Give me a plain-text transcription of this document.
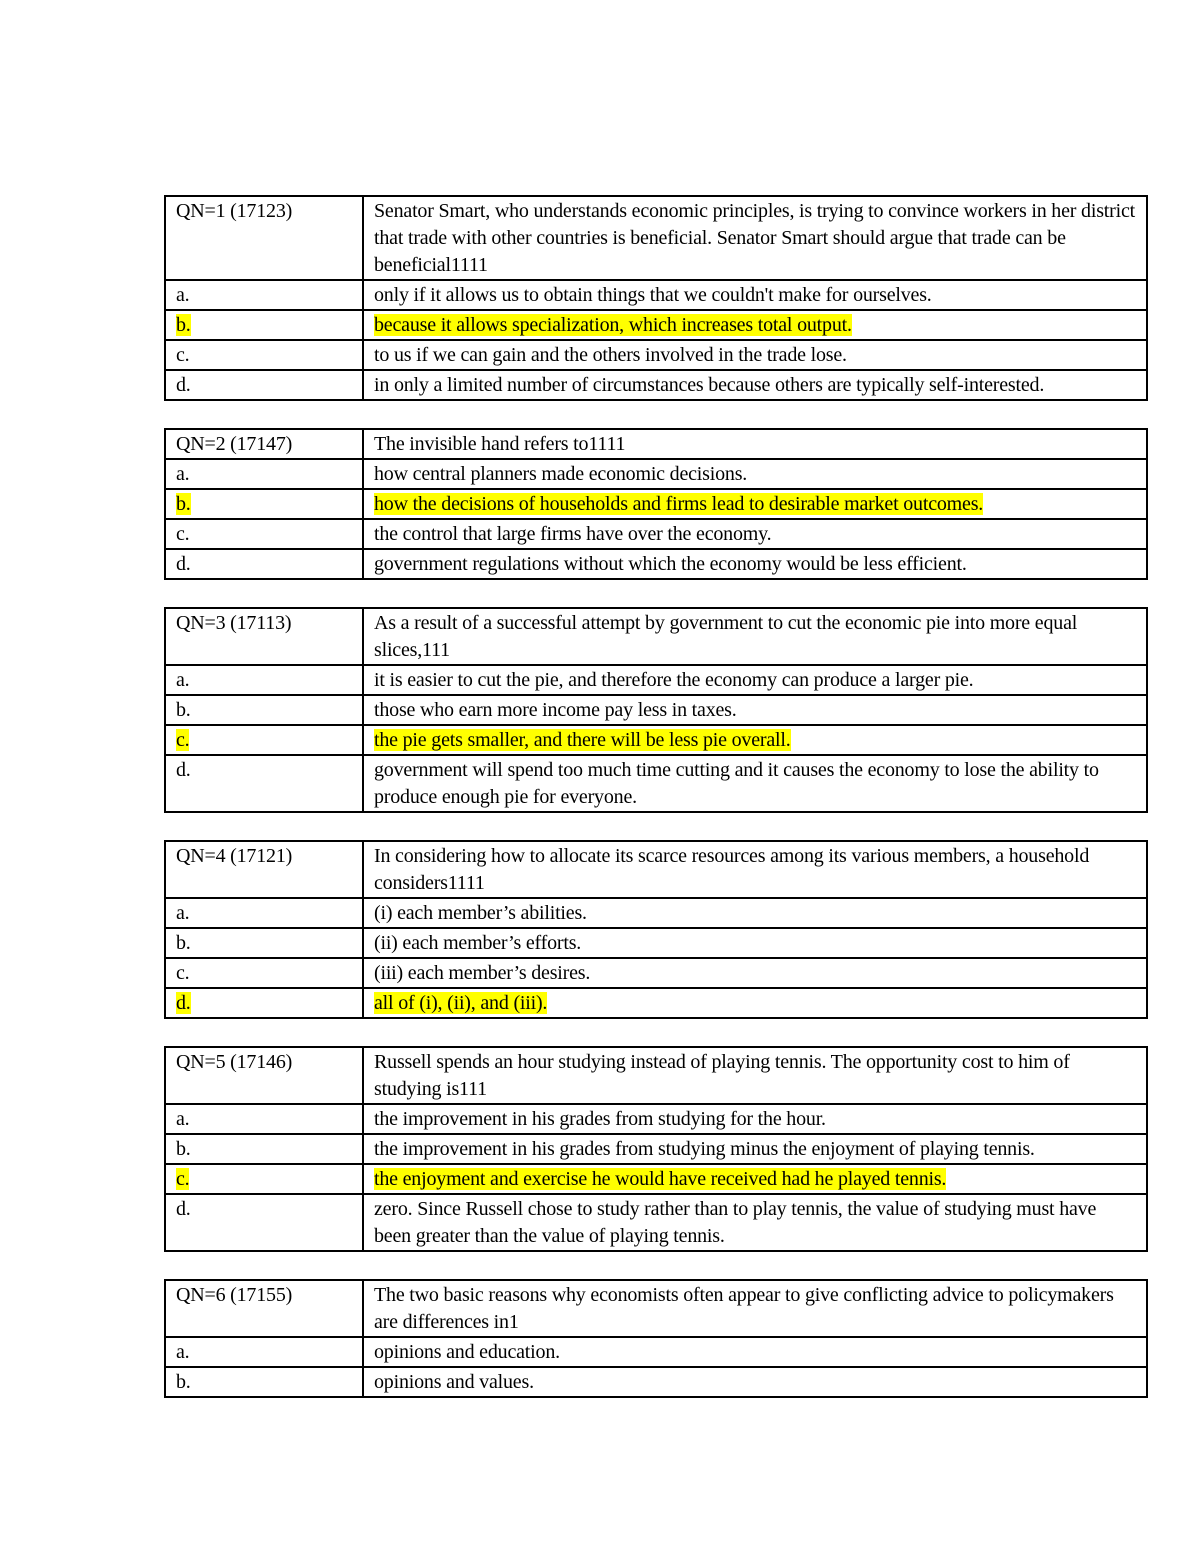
QN=1 (17123)	Senator Smart, who understands economic principles, is trying to convince workers in her district that trade with other countries is beneficial. Senator Smart should argue that trade can be beneficial1111
a.	only if it allows us to obtain things that we couldn't make for ourselves.
b.	because it allows specialization, which increases total output.
c.	to us if we can gain and the others involved in the trade lose.
d.	in only a limited number of circumstances because others are typically self-interested.
QN=2 (17147)	The invisible hand refers to1111
a.	how central planners made economic decisions.
b.	how the decisions of households and firms lead to desirable market outcomes.
c.	the control that large firms have over the economy.
d.	government regulations without which the economy would be less efficient.
QN=3 (17113)	As a result of a successful attempt by government to cut the economic pie into more equal slices,111
a.	it is easier to cut the pie, and therefore the economy can produce a larger pie.
b.	those who earn more income pay less in taxes.
c.	the pie gets smaller, and there will be less pie overall.
d.	government will spend too much time cutting and it causes the economy to lose the ability to produce enough pie for everyone.
QN=4 (17121)	In considering how to allocate its scarce resources among its various members, a household considers1111
a.	(i) each member’s abilities.
b.	(ii) each member’s efforts.
c.	(iii) each member’s desires.
d.	all of (i), (ii), and (iii).
QN=5 (17146)	Russell spends an hour studying instead of playing tennis. The opportunity cost to him of studying is111
a.	the improvement in his grades from studying for the hour.
b.	the improvement in his grades from studying minus the enjoyment of playing tennis.
c.	the enjoyment and exercise he would have received had he played tennis.
d.	zero. Since Russell chose to study rather than to play tennis, the value of studying must have been greater than the value of playing tennis.
QN=6 (17155)	The two basic reasons why economists often appear to give conflicting advice to policymakers are differences in1
a.	opinions and education.
b.	opinions and values.
